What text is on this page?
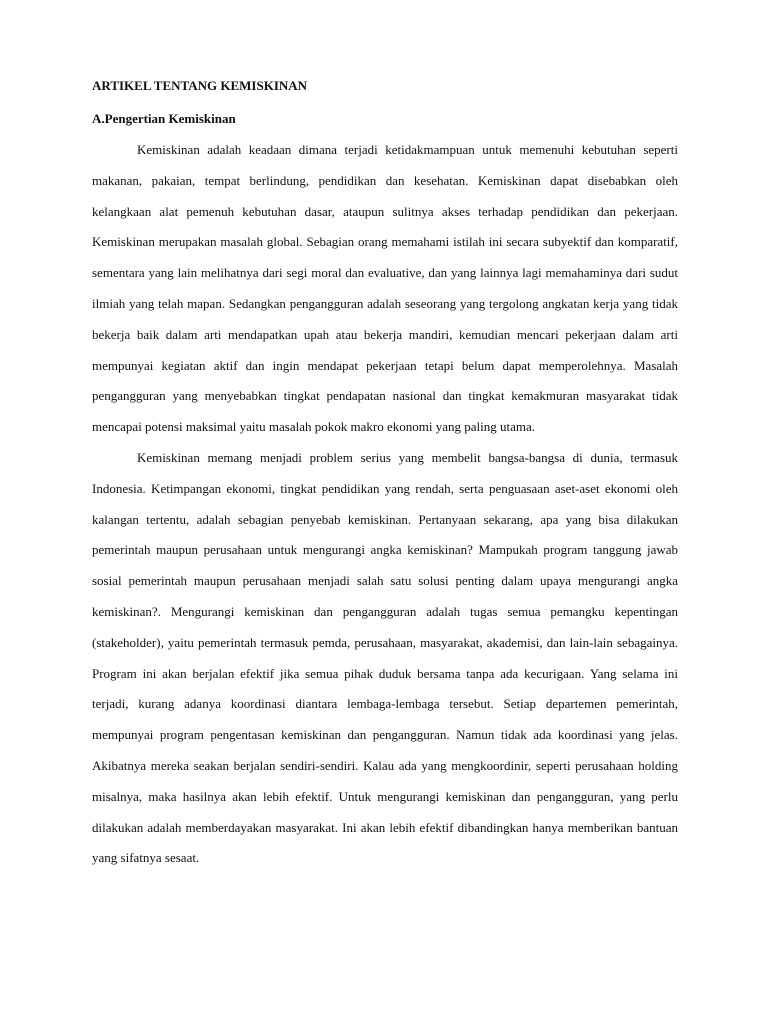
ARTIKEL TENTANG KEMISKINAN

A.Pengertian Kemiskinan

Kemiskinan adalah keadaan dimana terjadi ketidakmampuan untuk memenuhi kebutuhan seperti makanan, pakaian, tempat berlindung, pendidikan dan kesehatan. Kemiskinan dapat disebabkan oleh kelangkaan alat pemenuh kebutuhan dasar, ataupun sulitnya akses terhadap pendidikan dan pekerjaan. Kemiskinan merupakan masalah global. Sebagian orang memahami istilah ini secara subyektif dan komparatif, sementara yang lain melihatnya dari segi moral dan evaluative, dan yang lainnya lagi memahaminya dari sudut ilmiah yang telah mapan. Sedangkan pengangguran adalah seseorang yang tergolong angkatan kerja yang tidak bekerja baik dalam arti mendapatkan upah atau bekerja mandiri, kemudian mencari pekerjaan dalam arti mempunyai kegiatan aktif dan ingin mendapat pekerjaan tetapi belum dapat memperolehnya. Masalah pengangguran yang menyebabkan tingkat pendapatan nasional dan tingkat kemakmuran masyarakat tidak mencapai potensi maksimal yaitu masalah pokok makro ekonomi yang paling utama.

Kemiskinan memang menjadi problem serius yang membelit bangsa-bangsa di dunia, termasuk Indonesia. Ketimpangan ekonomi, tingkat pendidikan yang rendah, serta penguasaan aset-aset ekonomi oleh kalangan tertentu, adalah sebagian penyebab kemiskinan. Pertanyaan sekarang, apa yang bisa dilakukan pemerintah maupun perusahaan untuk mengurangi angka kemiskinan? Mampukah program tanggung jawab sosial pemerintah maupun perusahaan menjadi salah satu solusi penting dalam upaya mengurangi angka kemiskinan?. Mengurangi kemiskinan dan pengangguran adalah tugas semua pemangku kepentingan (stakeholder), yaitu pemerintah termasuk pemda, perusahaan, masyarakat, akademisi, dan lain-lain sebagainya. Program ini akan berjalan efektif jika semua pihak duduk bersama tanpa ada kecurigaan. Yang selama ini terjadi, kurang adanya koordinasi diantara lembaga-lembaga tersebut. Setiap departemen pemerintah, mempunyai program pengentasan kemiskinan dan pengangguran. Namun tidak ada koordinasi yang jelas. Akibatnya mereka seakan berjalan sendiri-sendiri. Kalau ada yang mengkoordinir, seperti perusahaan holding misalnya, maka hasilnya akan lebih efektif. Untuk mengurangi kemiskinan dan pengangguran, yang perlu dilakukan adalah memberdayakan masyarakat. Ini akan lebih efektif dibandingkan hanya memberikan bantuan yang sifatnya sesaat.
